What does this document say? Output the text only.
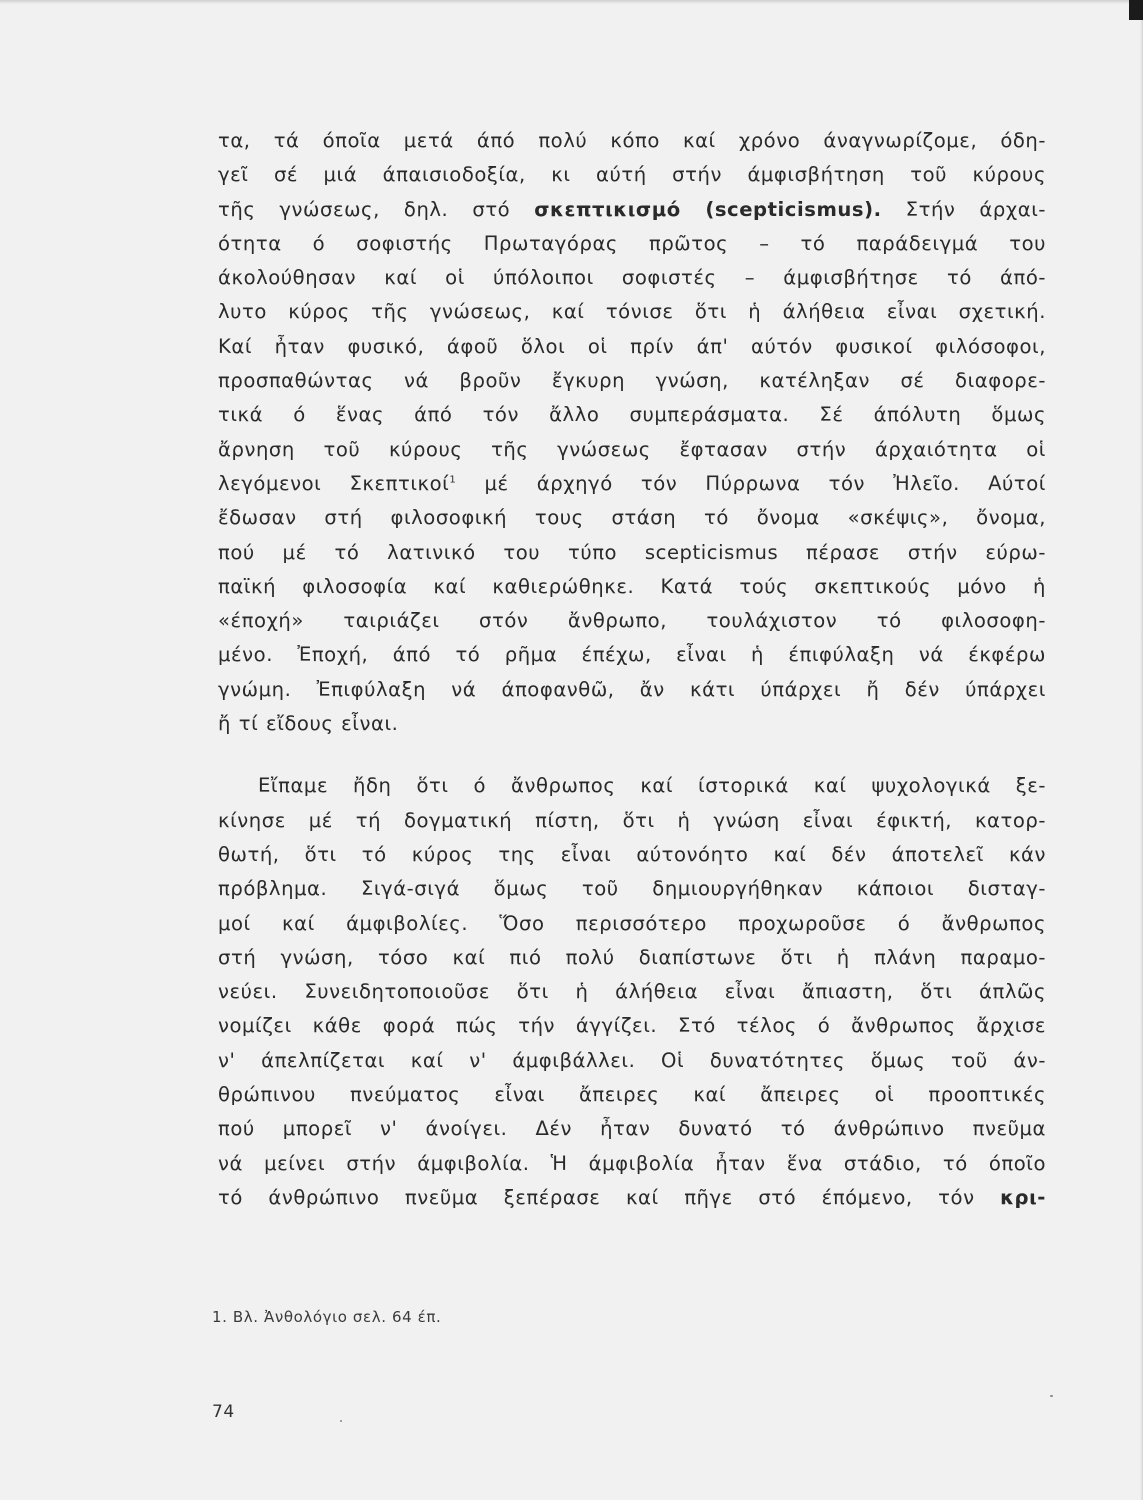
τα, τά όποῖα μετά άπό πολύ κόπο καί χρόνο άναγνωρίζομε, όδη-
γεῖ σέ μιά άπαισιοδοξία, κι αύτή στήν άμφισβήτηση τοῦ κύρους
τῆς γνώσεως, δηλ. στό σκεπτικισμό (scepticismus). Στήν άρχαι-
ότητα ό σοφιστής Πρωταγόρας πρῶτος – τό παράδειγμά του
άκολούθησαν καί οἱ ύπόλοιποι σοφιστές – άμφισβήτησε τό άπό-
λυτο κύρος τῆς γνώσεως, καί τόνισε ὅτι ἡ άλήθεια εἶναι σχετική.
Καί ἦταν φυσικό, άφοῦ ὅλοι οἱ πρίν άπ' αύτόν φυσικοί φιλόσοφοι,
προσπαθώντας νά βροῦν ἔγκυρη γνώση, κατέληξαν σέ διαφορε-
τικά ό ἕνας άπό τόν ἄλλο συμπεράσματα. Σέ άπόλυτη ὅμως
ἄρνηση τοῦ κύρους τῆς γνώσεως ἔφτασαν στήν άρχαιότητα οἱ
λεγόμενοι Σκεπτικοί$^1$ μέ άρχηγό τόν Πύρρωνα τόν Ἠλεῖο. Αύτοί
ἔδωσαν στή φιλοσοφική τους στάση τό ὄνομα «σκέψις», ὄνομα,
πού μέ τό λατινικό του τύπο scepticismus πέρασε στήν εύρω-
παϊκή φιλοσοφία καί καθιερώθηκε. Κατά τούς σκεπτικούς μόνο ἡ
«έποχή» ταιριάζει στόν ἄνθρωπο, τουλάχιστον τό φιλοσοφη-
μένο. Ἐποχή, άπό τό ρῆμα έπέχω, εἶναι ἡ έπιφύλαξη νά έκφέρω
γνώμη. Ἐπιφύλαξη νά άποφανθῶ, ἄν κάτι ύπάρχει ἤ δέν ύπάρχει
ἤ τί εἴδους εἶναι.
Εἴπαμε ἤδη ὅτι ό ἄνθρωπος καί ίστορικά καί ψυχολογικά ξε-
κίνησε μέ τή δογματική πίστη, ὅτι ἡ γνώση εἶναι έφικτή, κατορ-
θωτή, ὅτι τό κύρος της εἶναι αύτονόητο καί δέν άποτελεῖ κάν
πρόβλημα. Σιγά-σιγά ὅμως τοῦ δημιουργήθηκαν κάποιοι δισταγ-
μοί καί άμφιβολίες. Ὅσο περισσότερο προχωροῦσε ό ἄνθρωπος
στή γνώση, τόσο καί πιό πολύ διαπίστωνε ὅτι ἡ πλάνη παραμο-
νεύει. Συνειδητοποιοῦσε ὅτι ἡ άλήθεια εἶναι ἄπιαστη, ὅτι άπλῶς
νομίζει κάθε φορά πώς τήν άγγίζει. Στό τέλος ό ἄνθρωπος ἄρχισε
ν' άπελπίζεται καί ν' άμφιβάλλει. Οἱ δυνατότητες ὅμως τοῦ άν-
θρώπινου πνεύματος εἶναι ἄπειρες καί ἄπειρες οἱ προοπτικές
πού μπορεῖ ν' άνοίγει. Δέν ἦταν δυνατό τό άνθρώπινο πνεῦμα
νά μείνει στήν άμφιβολία. Ἡ άμφιβολία ἦταν ἕνα στάδιο, τό όποῖο
τό άνθρώπινο πνεῦμα ξεπέρασε καί πῆγε στό έπόμενο, τόν κρι-
1. Βλ. Ἀνθολόγιο σελ. 64 έπ.
74
